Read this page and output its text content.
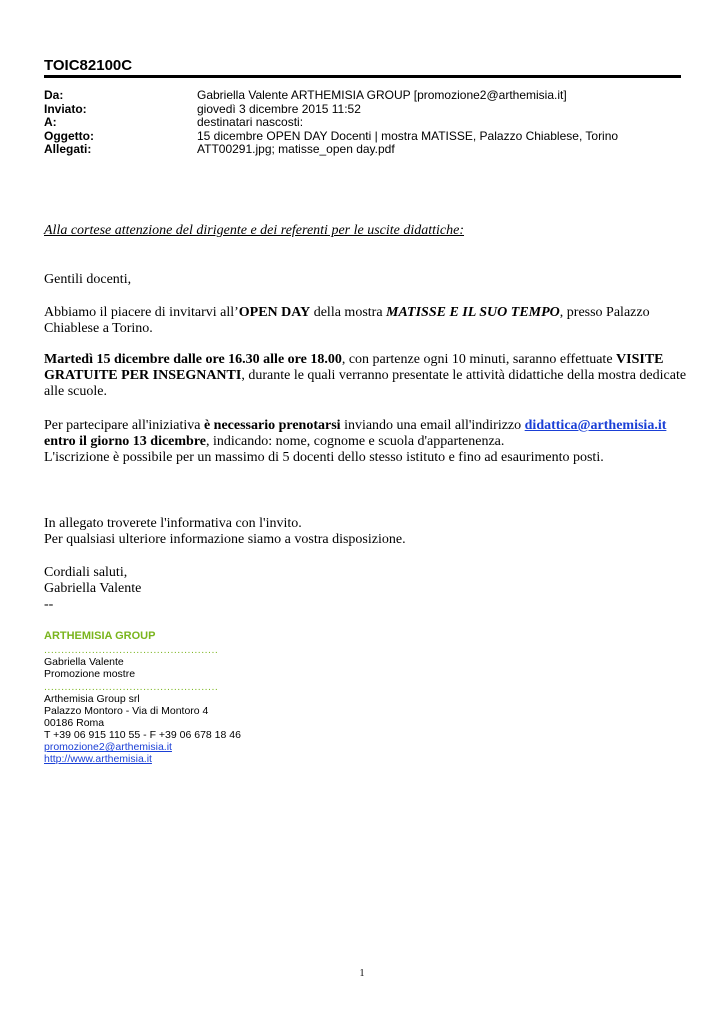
TOIC82100C
Da:	Gabriella Valente ARTHEMISIA GROUP [promozione2@arthemisia.it]
Inviato:	giovedì 3 dicembre 2015 11:52
A:	destinatari nascosti:
Oggetto:	15 dicembre OPEN DAY Docenti | mostra MATISSE, Palazzo Chiablese, Torino
Allegati:	ATT00291.jpg; matisse_open day.pdf
Alla cortese attenzione del dirigente e dei referenti per le uscite didattiche:
Gentili docenti,
Abbiamo il piacere di invitarvi all’OPEN DAY della mostra MATISSE E IL SUO TEMPO, presso Palazzo Chiablese a Torino.
Martedì 15 dicembre dalle ore 16.30 alle ore 18.00, con partenze ogni 10 minuti, saranno effettuate VISITE GRATUITE PER INSEGNANTI, durante le quali verranno presentate le attività didattiche della mostra dedicate alle scuole.

Per partecipare all'iniziativa è necessario prenotarsi inviando una email all'indirizzo didattica@arthemisia.it entro il giorno 13 dicembre, indicando: nome, cognome e scuola d'appartenenza.

L'iscrizione è possibile per un massimo di 5 docenti dello stesso istituto e fino ad esaurimento posti.

In allegato troverete l'informativa con l'invito.

Per qualsiasi ulteriore informazione siamo a vostra disposizione.

Cordiali saluti,

Gabriella Valente

--

ARTHEMISIA GROUP
...................................................
Gabriella Valente
Promozione mostre
...................................................
Arthemisia Group srl
Palazzo Montoro - Via di Montoro 4
00186 Roma
T +39 06 915 110 55 - F +39 06 678 18 46
promozione2@arthemisia.it
http://www.arthemisia.it
1
